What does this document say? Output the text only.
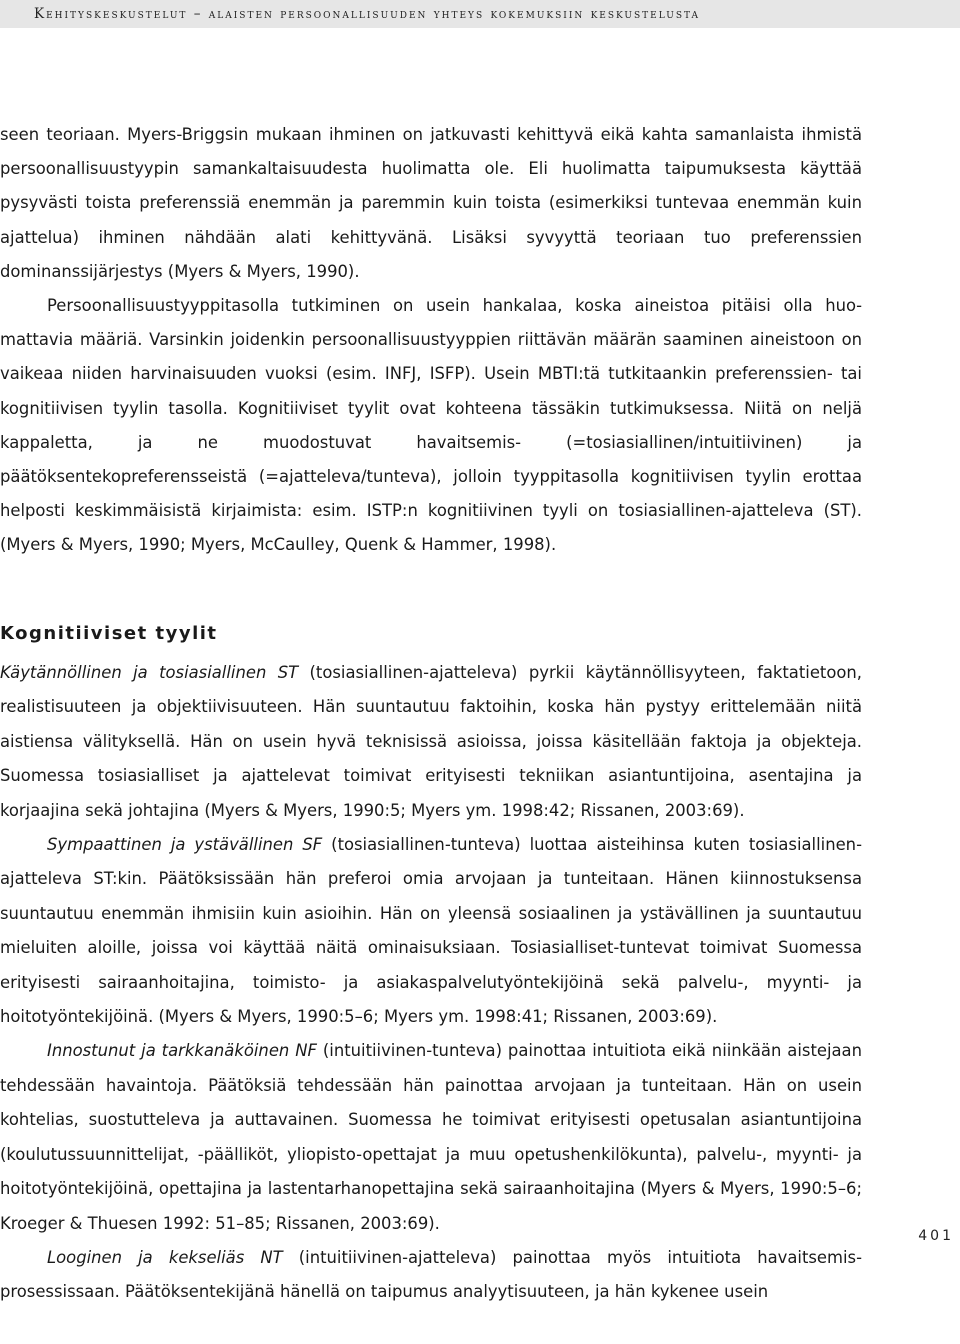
Kehityskeskustelut – alaisten persoonallisuuden yhteys kokemuksiin keskustelusta

seen teoriaan. Myers-Briggsin mukaan ihminen on jatkuvasti kehittyvä eikä kahta samanlaista ihmistä persoonallisuustyypin samankaltaisuudesta huolimatta ole. Eli huolimatta taipumuksesta käyttää pysyvästi toista preferenssiä enemmän ja paremmin kuin toista (esimerkiksi tuntevaa enemmän kuin ajattelua) ihminen nähdään alati kehittyvänä. Lisäksi syvyyttä teoriaan tuo preferenssien dominanssijärjestys (Myers & Myers, 1990).

Persoonallisuustyyppitasolla tutkiminen on usein hankalaa, koska aineistoa pitäisi olla huomattavia määriä. Varsinkin joidenkin persoonallisuustyyppien riittävän määrän saaminen aineistoon on vaikeaa niiden harvinaisuuden vuoksi (esim. INFJ, ISFP). Usein MBTI:tä tutkitaankin preferenssien- tai kognitiivisen tyylin tasolla. Kognitiiviset tyylit ovat kohteena tässäkin tutkimuksessa. Niitä on neljä kappaletta, ja ne muodostuvat havaitsemis- (=tosiasiallinen/intuitiivinen) ja päätöksentekopreferensseistä (=ajatteleva/tunteva), jolloin tyyppitasolla kognitiivisen tyylin erottaa helposti keskimmäisistä kirjaimista: esim. ISTP:n kognitiivinen tyyli on tosiasiallinen-ajatteleva (ST). (Myers & Myers, 1990; Myers, McCaulley, Quenk & Hammer, 1998).

Kognitiiviset tyylit

Käytännöllinen ja tosiasiallinen ST (tosiasiallinen-ajatteleva) pyrkii käytännöllisyyteen, faktatietoon, realistisuuteen ja objektiivisuuteen. Hän suuntautuu faktoihin, koska hän pystyy erittelemään niitä aistiensa välityksellä. Hän on usein hyvä teknisissä asioissa, joissa käsitellään faktoja ja objekteja. Suomessa tosiasialliset ja ajattelevat toimivat erityisesti tekniikan asiantuntijoina, asentajina ja korjaajina sekä johtajina (Myers & Myers, 1990:5; Myers ym. 1998:42; Rissanen, 2003:69).

Sympaattinen ja ystävällinen SF (tosiasiallinen-tunteva) luottaa aisteihinsa kuten tosiasiallinen-ajatteleva ST:kin. Päätöksissään hän preferoi omia arvojaan ja tunteitaan. Hänen kiinnostuksensa suuntautuu enemmän ihmisiin kuin asioihin. Hän on yleensä sosiaalinen ja ystävällinen ja suuntautuu mieluiten aloille, joissa voi käyttää näitä ominaisuksiaan. Tosiasialliset-tuntevat toimivat Suomessa erityisesti sairaanhoitajina, toimisto- ja asiakaspalvelutyöntekijöinä sekä palvelu-, myynti- ja hoitotyöntekijöinä. (Myers & Myers, 1990:5–6; Myers ym. 1998:41; Rissanen, 2003:69).

Innostunut ja tarkkanäköinen NF (intuitiivinen-tunteva) painottaa intuitiota eikä niinkään aistejaan tehdessään havaintoja. Päätöksiä tehdessään hän painottaa arvojaan ja tunteitaan. Hän on usein kohtelias, suostutteleva ja auttavainen. Suomessa he toimivat erityisesti opetusalan asiantuntijoina (koulutussuunnittelijat, -päälliköt, yliopisto-opettajat ja muu opetushenkilökunta), palvelu-, myynti- ja hoitotyöntekijöinä, opettajina ja lastentarhanopettajina sekä sairaanhoitajina (Myers & Myers, 1990:5–6; Kroeger & Thuesen 1992: 51–85; Rissanen, 2003:69).

Looginen ja kekseliäs NT (intuitiivinen-ajatteleva) painottaa myös intuitiota havaitsemisprosessissaan. Päätöksentekijänä hänellä on taipumus analyytisuuteen, ja hän kykenee usein

401
